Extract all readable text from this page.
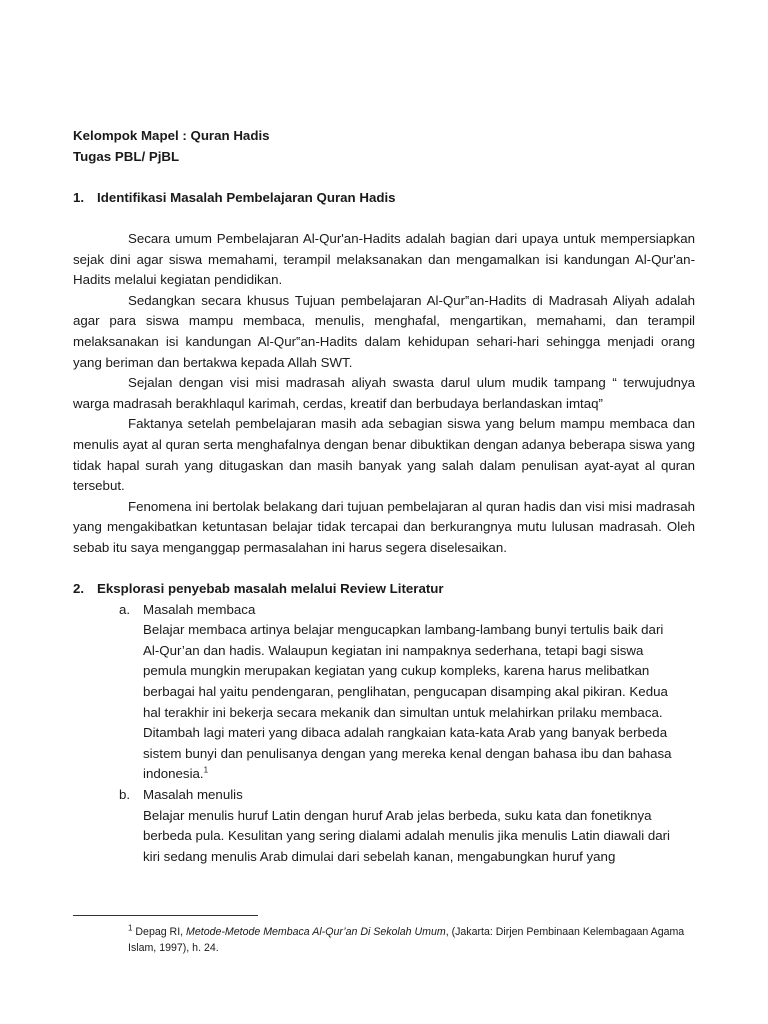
Kelompok Mapel : Quran Hadis

Tugas PBL/ PjBL

1. Identifikasi Masalah Pembelajaran Quran Hadis

Secara umum Pembelajaran Al-Qur'an-Hadits adalah bagian dari upaya untuk mempersiapkan sejak dini agar siswa memahami, terampil melaksanakan dan mengamalkan isi kandungan Al-Qur'an-Hadits melalui kegiatan pendidikan.

Sedangkan secara khusus Tujuan pembelajaran Al-Qur‟an-Hadits di Madrasah Aliyah adalah agar para siswa mampu membaca, menulis, menghafal, mengartikan, memahami, dan terampil melaksanakan isi kandungan Al-Qur‟an-Hadits dalam kehidupan sehari-hari sehingga menjadi orang yang beriman dan bertakwa kepada Allah SWT.

Sejalan dengan visi misi madrasah aliyah swasta darul ulum mudik tampang “ terwujudnya warga madrasah berakhlaqul karimah, cerdas, kreatif dan berbudaya berlandaskan imtaq”

Faktanya setelah pembelajaran masih ada sebagian siswa yang belum mampu membaca dan menulis ayat al quran serta menghafalnya dengan benar dibuktikan dengan adanya beberapa siswa yang tidak hapal surah yang ditugaskan dan masih banyak yang salah dalam penulisan ayat-ayat al quran tersebut.

Fenomena ini bertolak belakang dari tujuan pembelajaran al quran hadis dan visi misi madrasah yang mengakibatkan ketuntasan belajar tidak tercapai dan berkurangnya mutu lulusan madrasah. Oleh sebab itu saya menganggap permasalahan ini harus segera diselesaikan.

2. Eksplorasi penyebab masalah melalui Review Literatur

a. Masalah membaca

Belajar membaca artinya belajar mengucapkan lambang-lambang bunyi tertulis baik dari Al-Qur’an dan hadis. Walaupun kegiatan ini nampaknya sederhana, tetapi bagi siswa pemula mungkin merupakan kegiatan yang cukup kompleks, karena harus melibatkan berbagai hal yaitu pendengaran, penglihatan, pengucapan disamping akal pikiran. Kedua hal terakhir ini bekerja secara mekanik dan simultan untuk melahirkan prilaku membaca. Ditambah lagi materi yang dibaca adalah rangkaian kata-kata Arab yang banyak berbeda sistem bunyi dan penulisanya dengan yang mereka kenal dengan bahasa ibu dan bahasa indonesia.$^1$

b. Masalah menulis

Belajar menulis huruf Latin dengan huruf Arab jelas berbeda, suku kata dan fonetiknya berbeda pula. Kesulitan yang sering dialami adalah menulis jika menulis Latin diawali dari kiri sedang menulis Arab dimulai dari sebelah kanan, mengabungkan huruf yang

$^1$ Depag RI, Metode-Metode Membaca Al-Qur’an Di Sekolah Umum, (Jakarta: Dirjen Pembinaan Kelembagaan Agama Islam, 1997), h. 24.
